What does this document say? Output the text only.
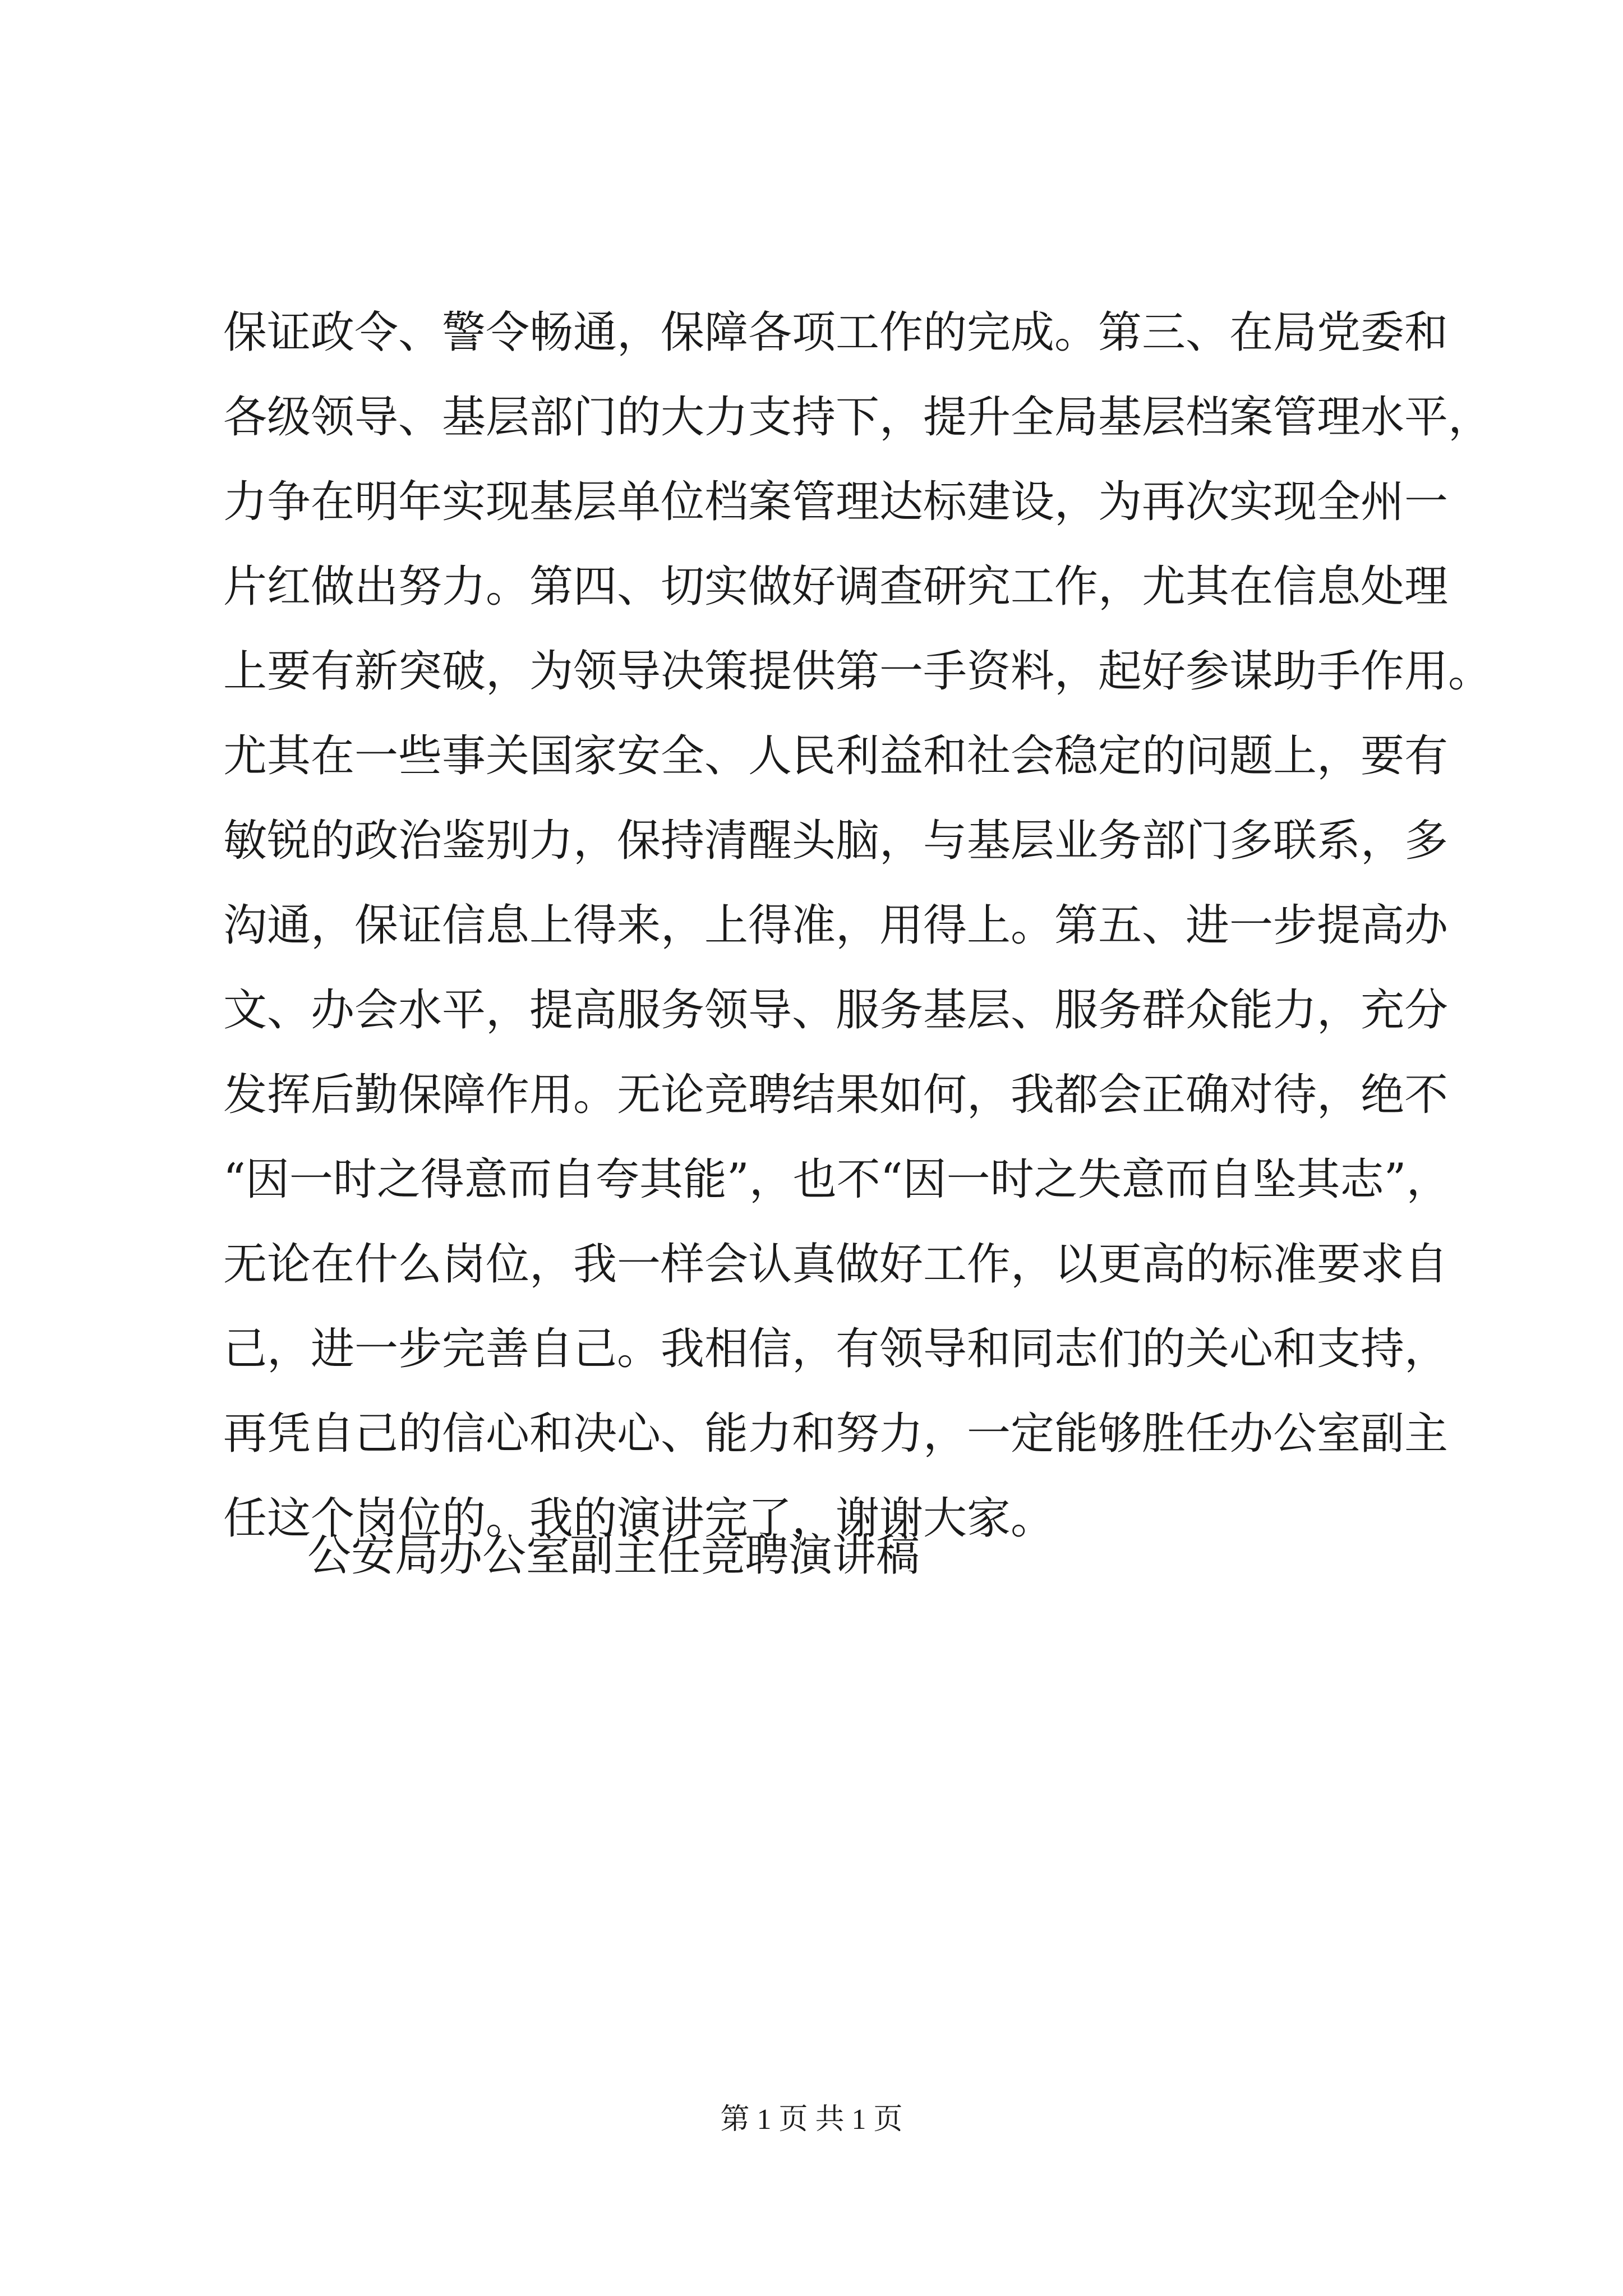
保证政令、警令畅通，保障各项工作的完成。第三、在局党委和
各级领导、基层部门的大力支持下，提升全局基层档案管理水平，
力争在明年实现基层单位档案管理达标建设，为再次实现全州一
片红做出努力。第四、切实做好调查研究工作，尤其在信息处理
上要有新突破，为领导决策提供第一手资料，起好参谋助手作用。
尤其在一些事关国家安全、人民利益和社会稳定的问题上，要有
敏锐的政治鉴别力，保持清醒头脑，与基层业务部门多联系，多
沟通，保证信息上得来，上得准，用得上。第五、进一步提高办
文、办会水平，提高服务领导、服务基层、服务群众能力，充分
发挥后勤保障作用。无论竞聘结果如何，我都会正确对待，绝不
“因一时之得意而自夸其能”，也不“因一时之失意而自坠其志”，
无论在什么岗位，我一样会认真做好工作，以更高的标准要求自
己，进一步完善自己。我相信，有领导和同志们的关心和支持，
再凭自己的信心和决心、能力和努力，一定能够胜任办公室副主
任这个岗位的。我的演讲完了，谢谢大家。
公安局办公室副主任竞聘演讲稿
第 1 页 共 1 页
